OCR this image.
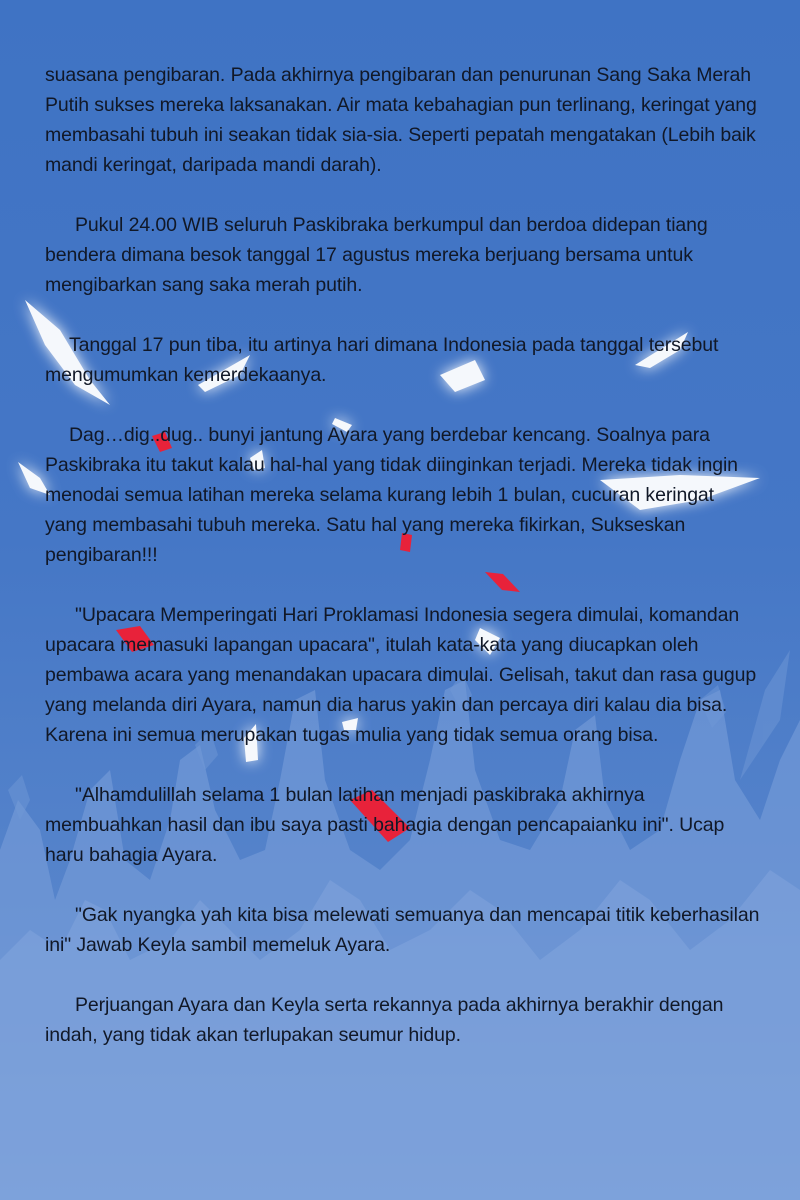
suasana pengibaran. Pada akhirnya pengibaran dan penurunan Sang Saka Merah Putih sukses mereka laksanakan. Air mata kebahagian pun terlinang, keringat yang membasahi tubuh ini seakan tidak sia-sia. Seperti pepatah mengatakan (Lebih baik mandi keringat, daripada mandi darah).

Pukul 24.00 WIB seluruh Paskibraka berkumpul dan berdoa didepan tiang bendera dimana besok tanggal 17 agustus mereka berjuang bersama untuk mengibarkan sang saka merah putih.

Tanggal 17 pun tiba, itu artinya hari dimana Indonesia pada tanggal tersebut mengumumkan kemerdekaanya.

Dag…dig..dug.. bunyi jantung Ayara yang berdebar kencang. Soalnya para Paskibraka itu takut kalau hal-hal yang tidak diinginkan terjadi. Mereka tidak ingin menodai semua latihan mereka selama kurang lebih 1 bulan, cucuran keringat yang membasahi tubuh mereka. Satu hal yang mereka fikirkan, Sukseskan pengibaran!!!

"Upacara Memperingati Hari Proklamasi Indonesia segera dimulai, komandan upacara memasuki lapangan upacara", itulah kata-kata yang diucapkan oleh pembawa acara yang menandakan upacara dimulai. Gelisah, takut dan rasa gugup yang melanda diri Ayara, namun dia harus yakin dan percaya diri kalau dia bisa. Karena ini semua merupakan tugas mulia yang tidak semua orang bisa.

"Alhamdulillah selama 1 bulan latihan menjadi paskibraka akhirnya membuahkan hasil dan ibu saya pasti bahagia dengan pencapaianku ini". Ucap haru bahagia Ayara.

"Gak nyangka yah kita bisa melewati semuanya dan mencapai titik keberhasilan ini" Jawab Keyla sambil memeluk Ayara.

Perjuangan Ayara dan Keyla serta rekannya pada akhirnya berakhir dengan indah, yang tidak akan terlupakan seumur hidup.
